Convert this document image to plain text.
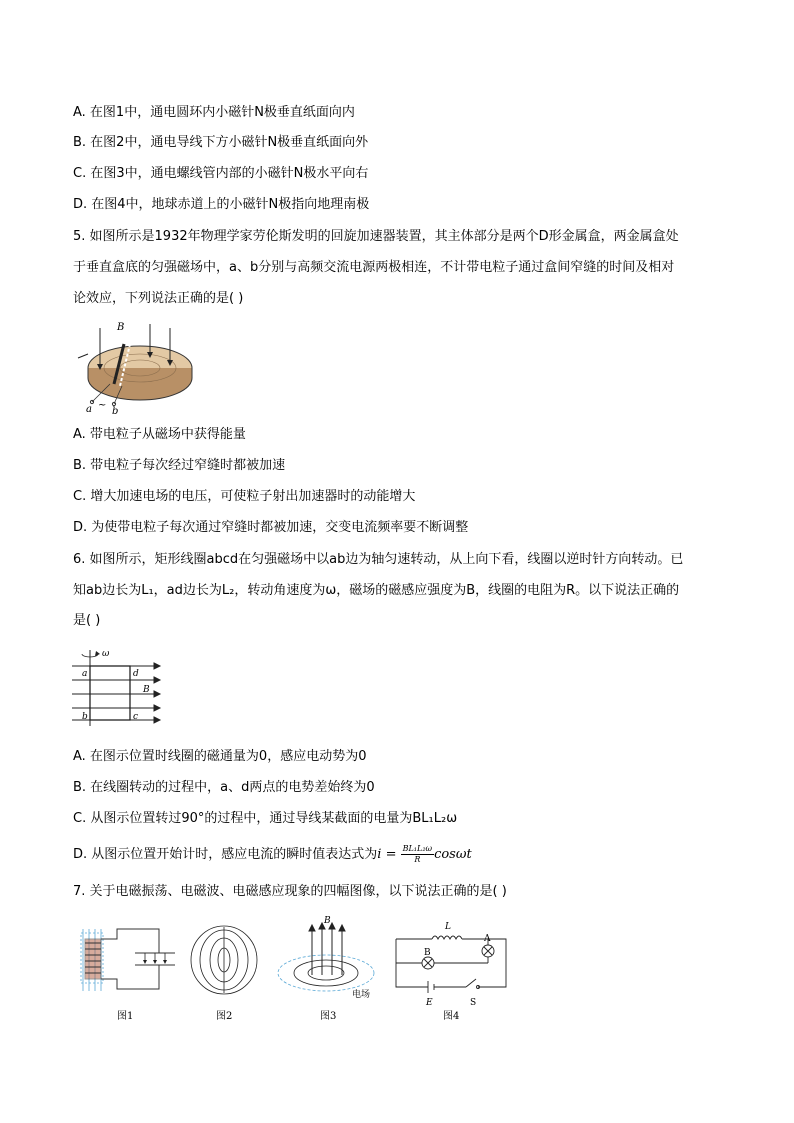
A. 在图1中，通电圆环内小磁针N极垂直纸面向内
B. 在图2中，通电导线下方小磁针N极垂直纸面向外
C. 在图3中，通电螺线管内部的小磁针N极水平向右
D. 在图4中，地球赤道上的小磁针N极指向地理南极
5. 如图所示是1932年物理学家劳伦斯发明的回旋加速器装置，其主体部分是两个D形金属盒，两金属盒处
于垂直盒底的匀强磁场中，a、b分别与高频交流电源两极相连，不计带电粒子通过盒间窄缝的时间及相对
论效应，下列说法正确的是( )
B
a ~
b
A. 带电粒子从磁场中获得能量
B. 带电粒子每次经过窄缝时都被加速
C. 增大加速电场的电压，可使粒子射出加速器时的动能增大
D. 为使带电粒子每次通过窄缝时都被加速，交变电流频率要不断调整
6. 如图所示，矩形线圈abcd在匀强磁场中以ab边为轴匀速转动，从上向下看，线圈以逆时针方向转动。已
知ab边长为L₁，ad边长为L₂，转动角速度为ω，磁场的磁感应强度为B，线圈的电阻为R。以下说法正确的
是( )
ω
a	d
B
b	c
A. 在图示位置时线圈的磁通量为0，感应电动势为0
B. 在线圈转动的过程中，a、d两点的电势差始终为0
C. 从图示位置转过90°的过程中，通过导线某截面的电量为BL₁L₂ω
D. 从图示位置开始计时，感应电流的瞬时值表达式为$i = \frac{\text{BL₁L₂ω}}{R}$ cosωt
7. 关于电磁振荡、电磁波、电磁感应现象的四幅图像，以下说法正确的是( )
图1	图2
B
电场
图3
L
A
B
E	S
图4
